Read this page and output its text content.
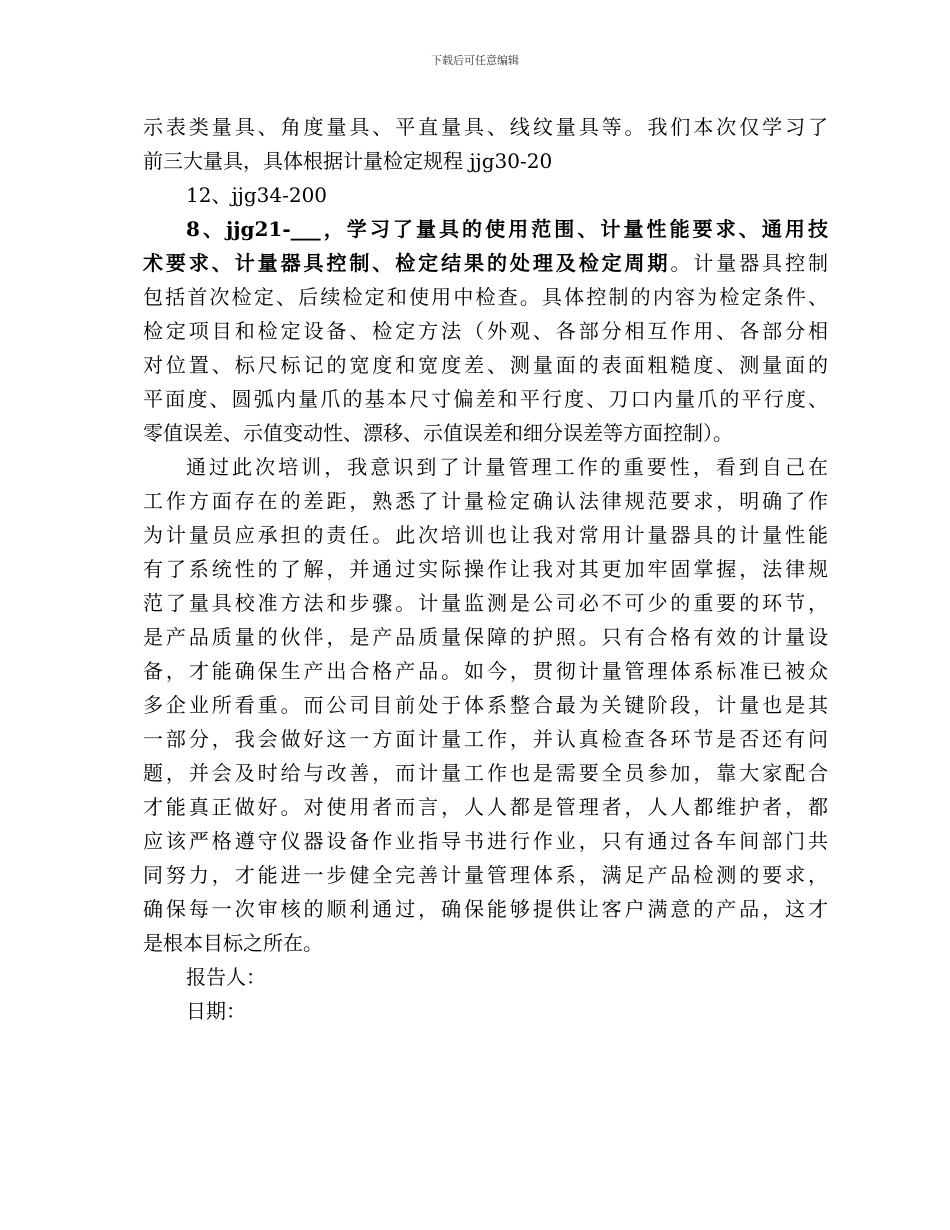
下载后可任意编辑
示表类量具、角度量具、平直量具、线纹量具等。我们本次仅学习了
前三大量具，具体根据计量检定规程 jjg30-20
12、jjg34-200
8、jjg21-___，学习了量具的使用范围、计量性能要求、通用技
术要求、计量器具控制、检定结果的处理及检定周期。计量器具控制
包括首次检定、后续检定和使用中检查。具体控制的内容为检定条件、
检定项目和检定设备、检定方法（外观、各部分相互作用、各部分相
对位置、标尺标记的宽度和宽度差、测量面的表面粗糙度、测量面的
平面度、圆弧内量爪的基本尺寸偏差和平行度、刀口内量爪的平行度、
零值误差、示值变动性、漂移、示值误差和细分误差等方面控制）。
通过此次培训，我意识到了计量管理工作的重要性，看到自己在
工作方面存在的差距，熟悉了计量检定确认法律规范要求，明确了作
为计量员应承担的责任。此次培训也让我对常用计量器具的计量性能
有了系统性的了解，并通过实际操作让我对其更加牢固掌握，法律规
范了量具校准方法和步骤。计量监测是公司必不可少的重要的环节，
是产品质量的伙伴，是产品质量保障的护照。只有合格有效的计量设
备，才能确保生产出合格产品。如今，贯彻计量管理体系标准已被众
多企业所看重。而公司目前处于体系整合最为关键阶段，计量也是其
一部分，我会做好这一方面计量工作，并认真检查各环节是否还有问
题，并会及时给与改善，而计量工作也是需要全员参加，靠大家配合
才能真正做好。对使用者而言，人人都是管理者，人人都维护者，都
应该严格遵守仪器设备作业指导书进行作业，只有通过各车间部门共
同努力，才能进一步健全完善计量管理体系，满足产品检测的要求，
确保每一次审核的顺利通过，确保能够提供让客户满意的产品，这才
是根本目标之所在。
报告人：
日期：
